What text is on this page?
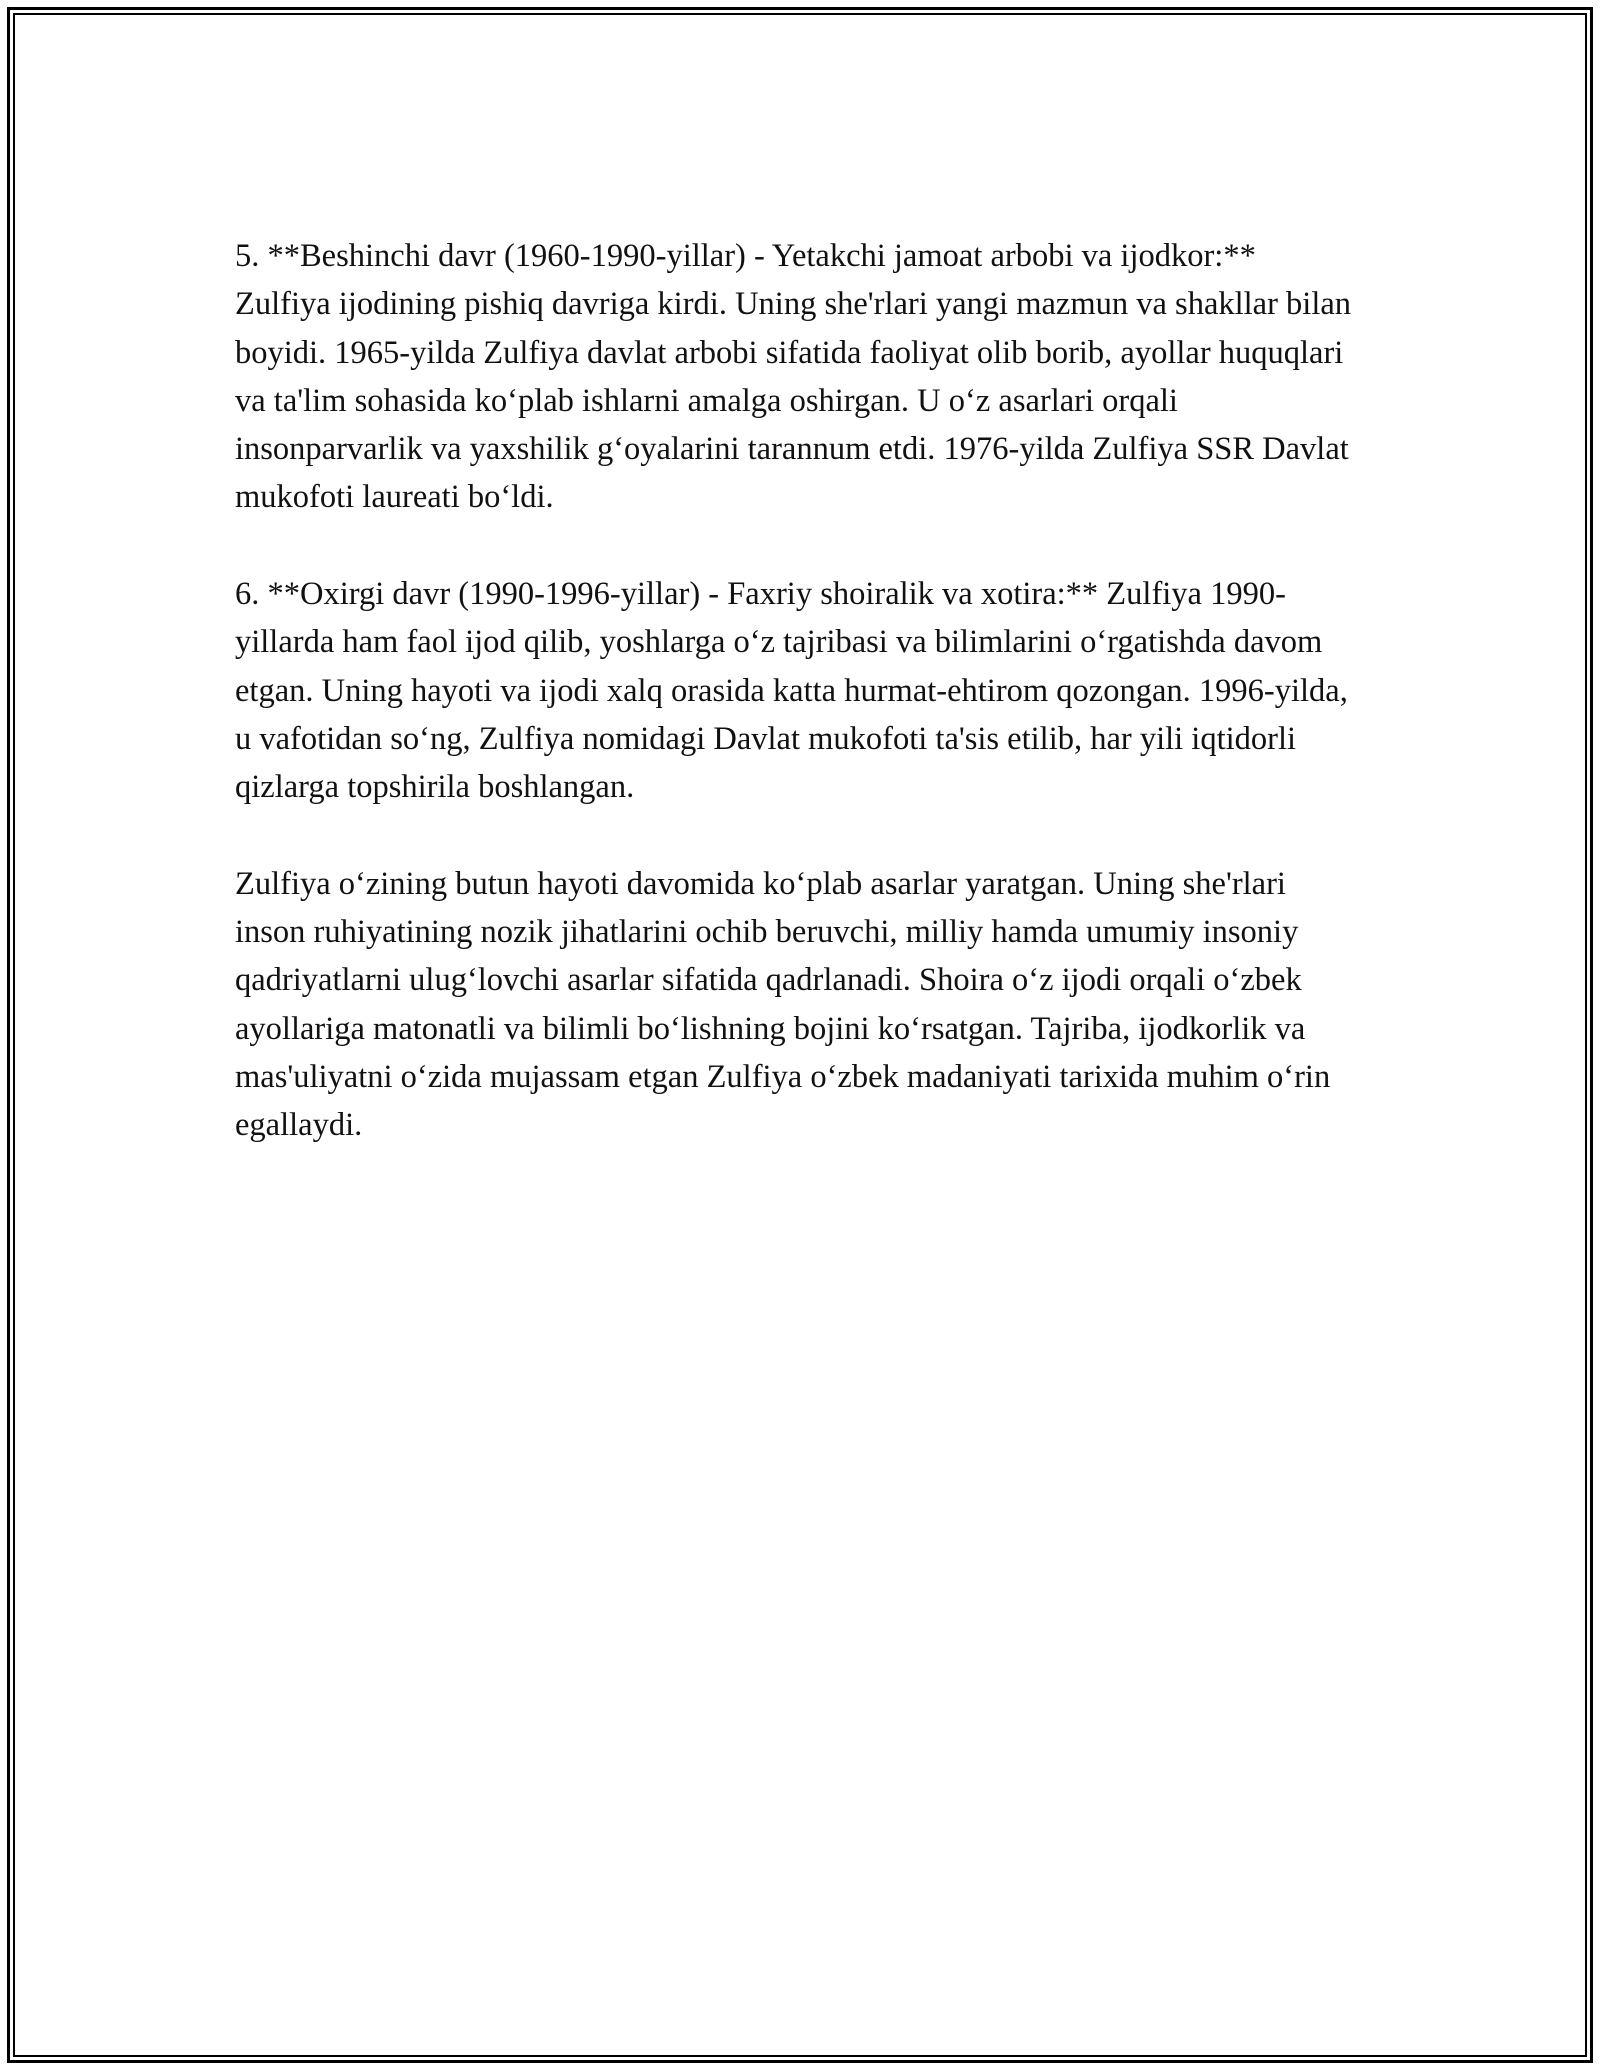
5. **Beshinchi davr (1960-1990-yillar) - Yetakchi jamoat arbobi va ijodkor:** Zulfiya ijodining pishiq davriga kirdi. Uning she'rlari yangi mazmun va shakllar bilan boyidi. 1965-yilda Zulfiya davlat arbobi sifatida faoliyat olib borib, ayollar huquqlari va ta'lim sohasida ko‘plab ishlarni amalga oshirgan. U o‘z asarlari orqali insonparvarlik va yaxshilik g‘oyalarini tarannum etdi. 1976-yilda Zulfiya SSR Davlat mukofoti laureati bo‘ldi.

6. **Oxirgi davr (1990-1996-yillar) - Faxriy shoiralik va xotira:** Zulfiya 1990-yillarda ham faol ijod qilib, yoshlarga o‘z tajribasi va bilimlarini o‘rgatishda davom etgan. Uning hayoti va ijodi xalq orasida katta hurmat-ehtirom qozongan. 1996-yilda, u vafotidan so‘ng, Zulfiya nomidagi Davlat mukofoti ta'sis etilib, har yili iqtidorli qizlarga topshirila boshlangan.

Zulfiya o‘zining butun hayoti davomida ko‘plab asarlar yaratgan. Uning she'rlari inson ruhiyatining nozik jihatlarini ochib beruvchi, milliy hamda umumiy insoniy qadriyatlarni ulug‘lovchi asarlar sifatida qadrlanadi. Shoira o‘z ijodi orqali o‘zbek ayollariga matonatli va bilimli bo‘lishning bojini ko‘rsatgan. Tajriba, ijodkorlik va mas'uliyatni o‘zida mujassam etgan Zulfiya o‘zbek madaniyati tarixida muhim o‘rin egallaydi.
